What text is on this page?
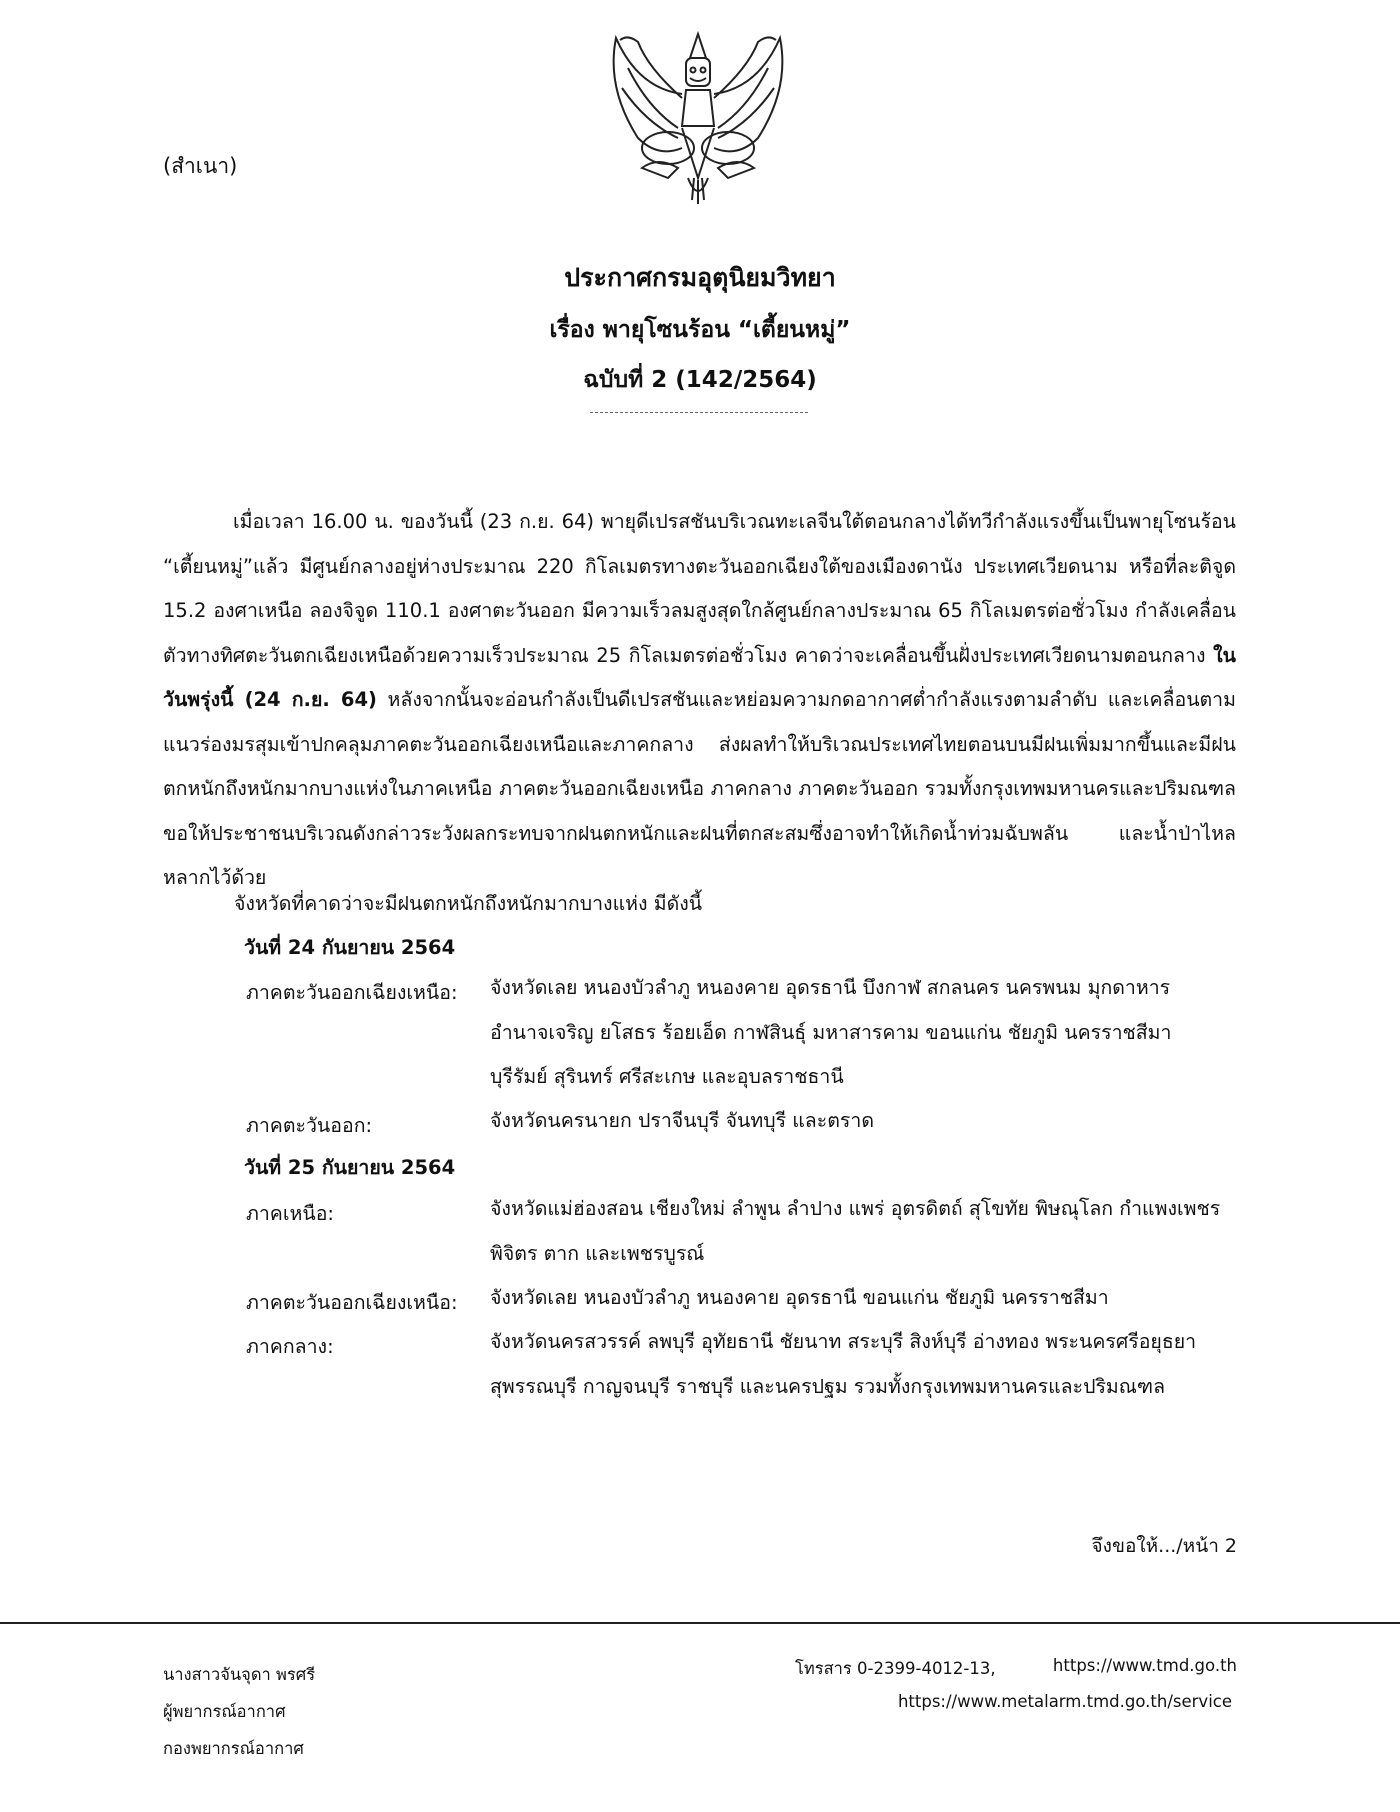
(สำเนา)
ประกาศกรมอุตุนิยมวิทยา
เรื่อง พายุโซนร้อน “เตี้ยนหมู่”
ฉบับที่ 2 (142/2564)
เมื่อเวลา 16.00 น. ของวันนี้ (23 ก.ย. 64) พายุดีเปรสชันบริเวณทะเลจีนใต้ตอนกลางได้ทวีกำลังแรงขึ้นเป็นพายุโซนร้อน “เตี้ยนหมู่”แล้ว มีศูนย์กลางอยู่ห่างประมาณ 220 กิโลเมตรทางตะวันออกเฉียงใต้ของเมืองดานัง ประเทศเวียดนาม หรือที่ละติจูด 15.2 องศาเหนือ ลองจิจูด 110.1 องศาตะวันออก มีความเร็วลมสูงสุดใกล้ศูนย์กลางประมาณ 65 กิโลเมตรต่อชั่วโมง กำลังเคลื่อนตัวทางทิศตะวันตกเฉียงเหนือด้วยความเร็วประมาณ 25 กิโลเมตรต่อชั่วโมง คาดว่าจะเคลื่อนขึ้นฝั่งประเทศเวียดนามตอนกลาง ในวันพรุ่งนี้ (24 ก.ย. 64) หลังจากนั้นจะอ่อนกำลังเป็นดีเปรสชันและหย่อมความกดอากาศต่ำกำลังแรงตามลำดับ และเคลื่อนตามแนวร่องมรสุมเข้าปกคลุมภาคตะวันออกเฉียงเหนือและภาคกลาง ส่งผลทำให้บริเวณประเทศไทยตอนบนมีฝนเพิ่มมากขึ้นและมีฝนตกหนักถึงหนักมากบางแห่งในภาคเหนือ ภาคตะวันออกเฉียงเหนือ ภาคกลาง ภาคตะวันออก รวมทั้งกรุงเทพมหานครและปริมณฑล ขอให้ประชาชนบริเวณดังกล่าวระวังผลกระทบจากฝนตกหนักและฝนที่ตกสะสมซึ่งอาจทำให้เกิดน้ำท่วมฉับพลัน และน้ำป่าไหลหลากไว้ด้วย
จังหวัดที่คาดว่าจะมีฝนตกหนักถึงหนักมากบางแห่ง มีดังนี้
วันที่ 24 กันยายน 2564
ภาคตะวันออกเฉียงเหนือ: จังหวัดเลย หนองบัวลำภู หนองคาย อุดรธานี บึงกาฬ สกลนคร นครพนม มุกดาหาร
อำนาจเจริญ ยโสธร ร้อยเอ็ด กาฬสินธุ์ มหาสารคาม ขอนแก่น ชัยภูมิ นครราชสีมา
บุรีรัมย์ สุรินทร์ ศรีสะเกษ และอุบลราชธานี
ภาคตะวันออก:	จังหวัดนครนายก ปราจีนบุรี จันทบุรี และตราด
วันที่ 25 กันยายน 2564
ภาคเหนือ:	จังหวัดแม่ฮ่องสอน เชียงใหม่ ลำพูน ลำปาง แพร่ อุตรดิตถ์ สุโขทัย พิษณุโลก กำแพงเพชร
พิจิตร ตาก และเพชรบูรณ์
ภาคตะวันออกเฉียงเหนือ: จังหวัดเลย หนองบัวลำภู หนองคาย อุดรธานี ขอนแก่น ชัยภูมิ นครราชสีมา
ภาคกลาง:	จังหวัดนครสวรรค์ ลพบุรี อุทัยธานี ชัยนาท สระบุรี สิงห์บุรี อ่างทอง พระนครศรีอยุธยา
สุพรรณบุรี กาญจนบุรี ราชบุรี และนครปฐม รวมทั้งกรุงเทพมหานครและปริมณฑล
จึงขอให้.../หน้า 2
นางสาวจันจุดา พรศรี
ผู้พยากรณ์อากาศ
กองพยากรณ์อากาศ
โทรสาร 0-2399-4012-13,	https://www.tmd.go.th
https://www.metalarm.tmd.go.th/service
